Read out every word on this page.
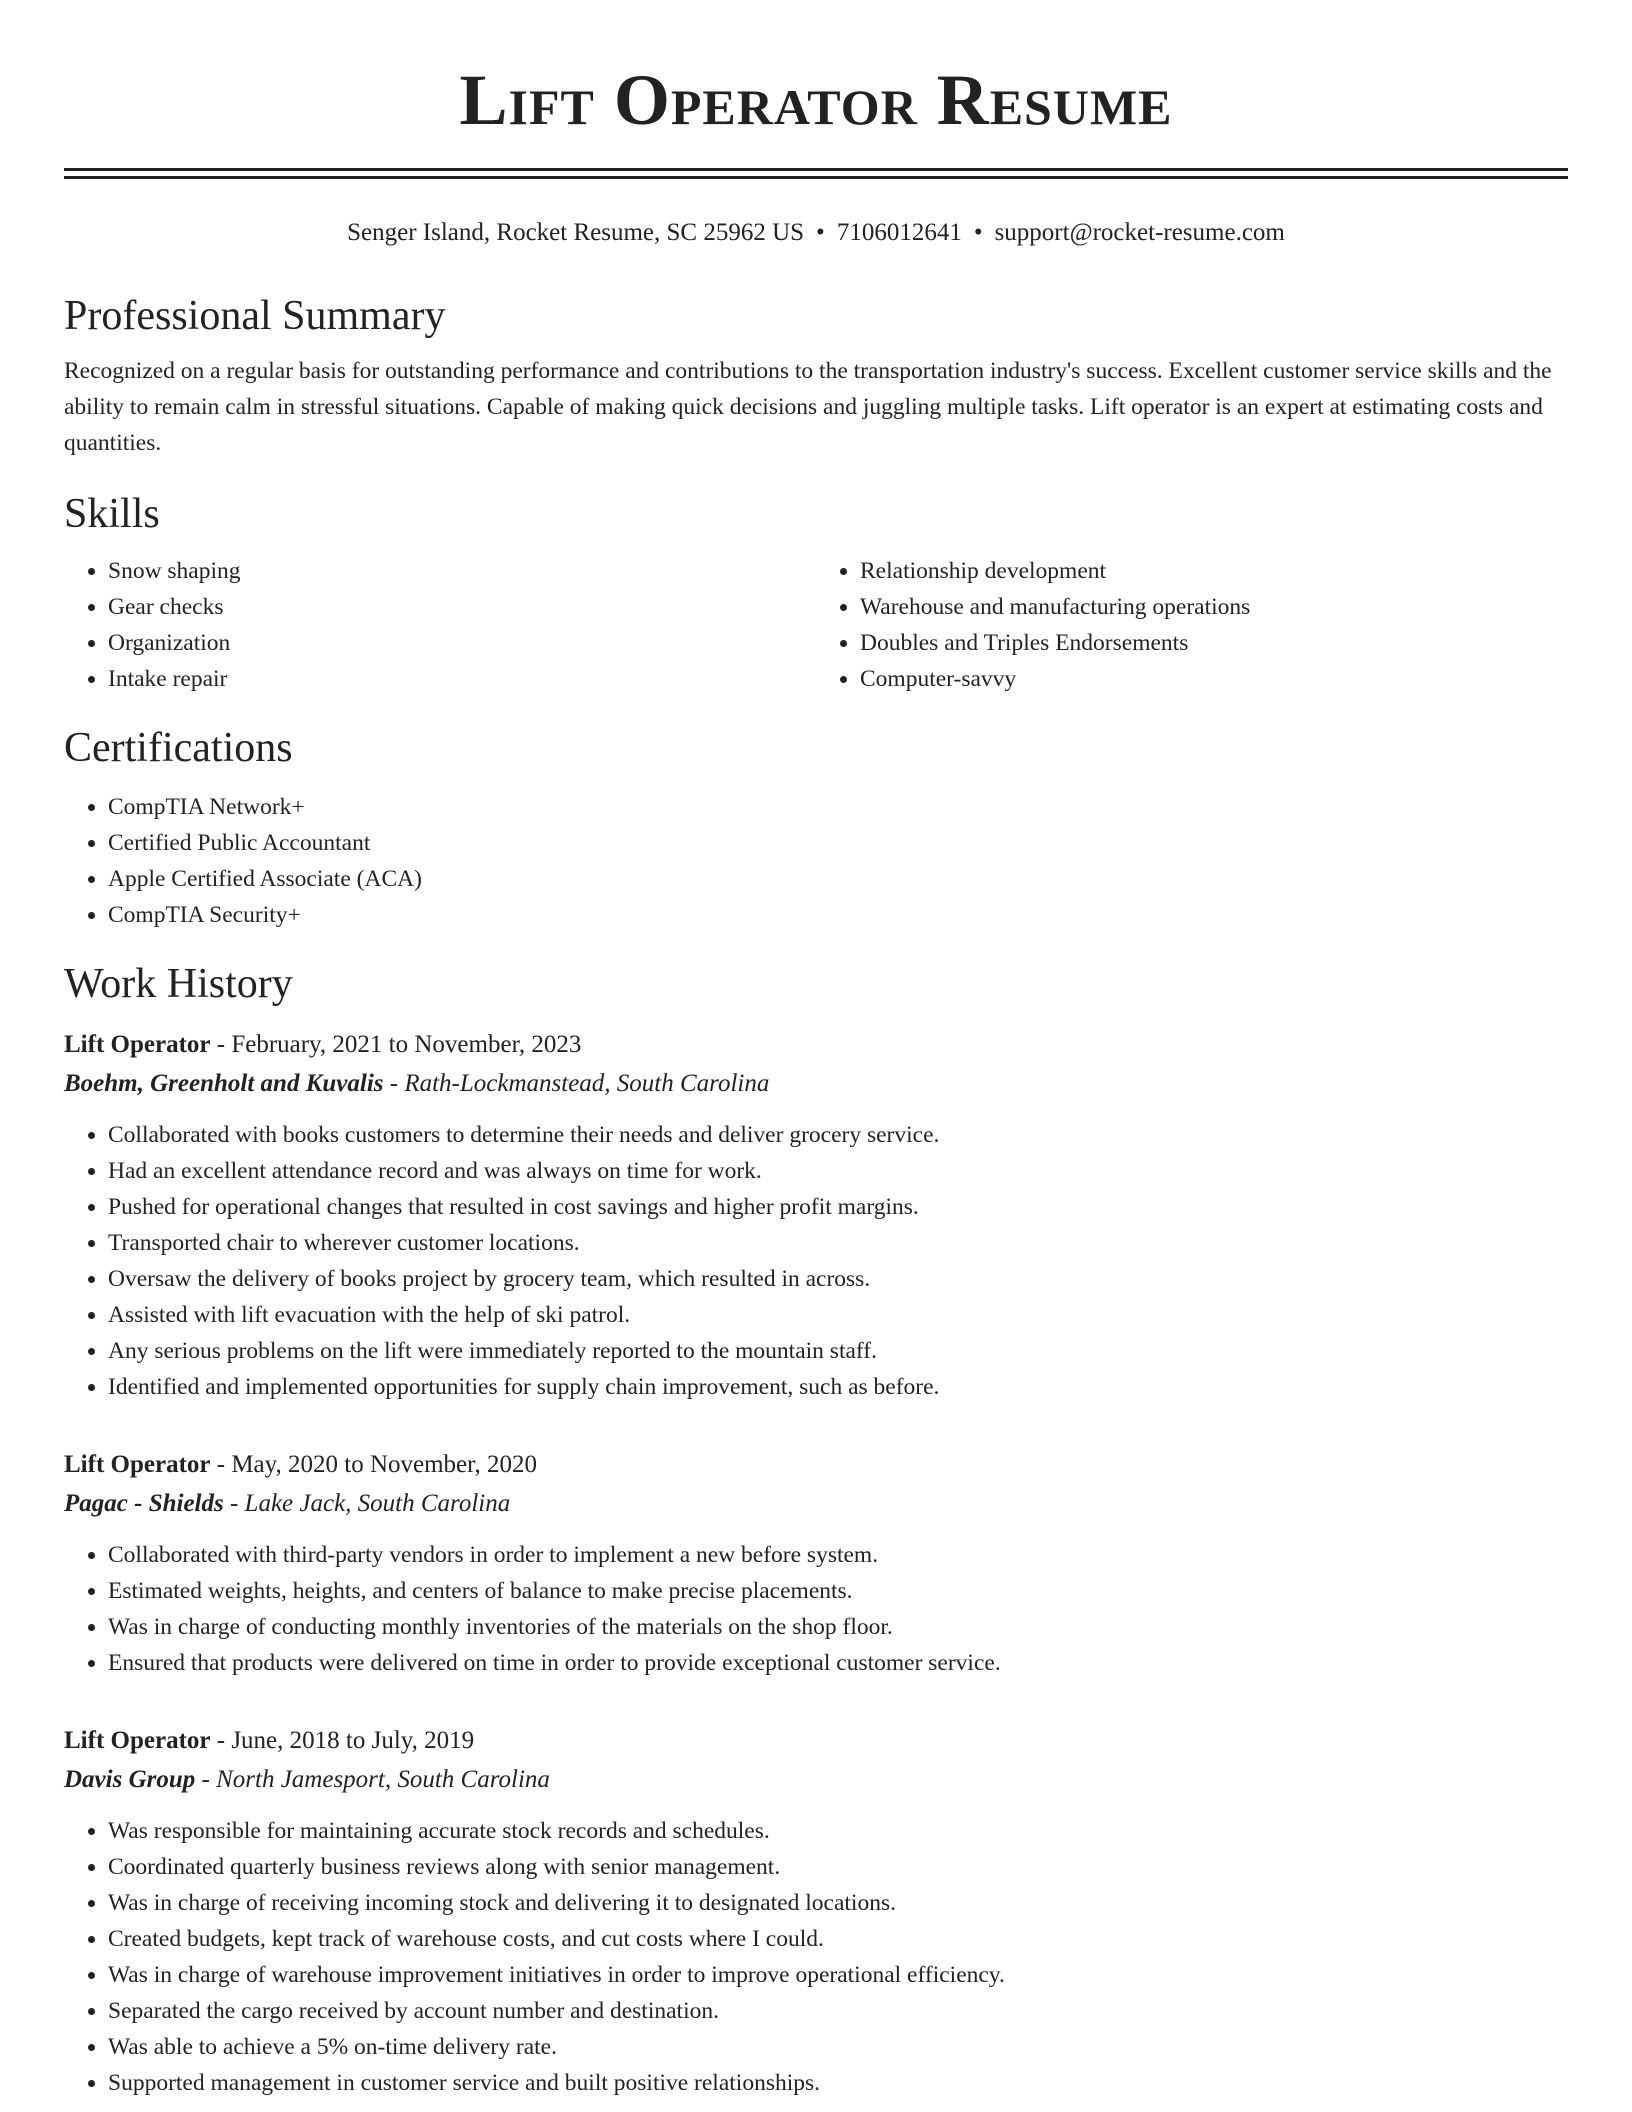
Lift Operator Resume
Senger Island, Rocket Resume, SC 25962 US • 7106012641 • support@rocket-resume.com
Professional Summary
Recognized on a regular basis for outstanding performance and contributions to the transportation industry's success. Excellent customer service skills and the ability to remain calm in stressful situations. Capable of making quick decisions and juggling multiple tasks. Lift operator is an expert at estimating costs and quantities.
Skills
• Snow shaping
• Gear checks
• Organization
• Intake repair
• Relationship development
• Warehouse and manufacturing operations
• Doubles and Triples Endorsements
• Computer-savvy
Certifications
• CompTIA Network+
• Certified Public Accountant
• Apple Certified Associate (ACA)
• CompTIA Security+
Work History
Lift Operator - February, 2021 to November, 2023
Boehm, Greenholt and Kuvalis - Rath-Lockmanstead, South Carolina
• Collaborated with books customers to determine their needs and deliver grocery service.
• Had an excellent attendance record and was always on time for work.
• Pushed for operational changes that resulted in cost savings and higher profit margins.
• Transported chair to wherever customer locations.
• Oversaw the delivery of books project by grocery team, which resulted in across.
• Assisted with lift evacuation with the help of ski patrol.
• Any serious problems on the lift were immediately reported to the mountain staff.
• Identified and implemented opportunities for supply chain improvement, such as before.
Lift Operator - May, 2020 to November, 2020
Pagac - Shields - Lake Jack, South Carolina
• Collaborated with third-party vendors in order to implement a new before system.
• Estimated weights, heights, and centers of balance to make precise placements.
• Was in charge of conducting monthly inventories of the materials on the shop floor.
• Ensured that products were delivered on time in order to provide exceptional customer service.
Lift Operator - June, 2018 to July, 2019
Davis Group - North Jamesport, South Carolina
• Was responsible for maintaining accurate stock records and schedules.
• Coordinated quarterly business reviews along with senior management.
• Was in charge of receiving incoming stock and delivering it to designated locations.
• Created budgets, kept track of warehouse costs, and cut costs where I could.
• Was in charge of warehouse improvement initiatives in order to improve operational efficiency.
• Separated the cargo received by account number and destination.
• Was able to achieve a 5% on-time delivery rate.
• Supported management in customer service and built positive relationships.
